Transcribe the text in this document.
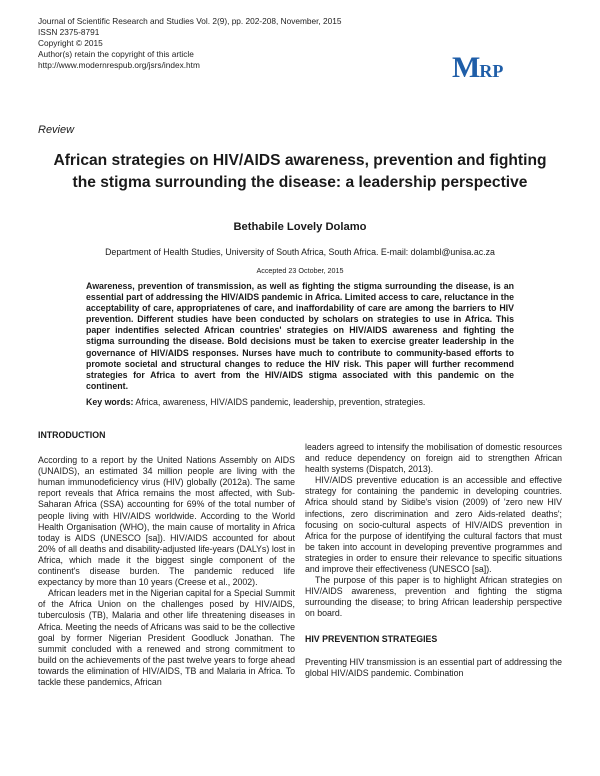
Journal of Scientific Research and Studies Vol. 2(9), pp. 202-208, November, 2015
ISSN 2375-8791
Copyright © 2015
Author(s) retain the copyright of this article
http://www.modernrespub.org/jsrs/index.htm	MRP
Review
African strategies on HIV/AIDS awareness, prevention and fighting the stigma surrounding the disease: a leadership perspective
Bethabile Lovely Dolamo
Department of Health Studies, University of South Africa, South Africa. E-mail: dolambl@unisa.ac.za
Accepted 23 October, 2015
Awareness, prevention of transmission, as well as fighting the stigma surrounding the disease, is an essential part of addressing the HIV/AIDS pandemic in Africa. Limited access to care, reluctance in the acceptability of care, appropriatenes of care, and inaffordability of care are among the barriers to HIV prevention. Different studies have been conducted by scholars on strategies to use in Africa. This paper indentifies selected African countries' strategies on HIV/AIDS awareness and fighting the stigma surrounding the disease. Bold decisions must be taken to exercise greater leadership in the governance of HIV/AIDS responses. Nurses have much to contribute to community-based efforts to promote societal and structural changes to reduce the HIV risk. This paper will further recommend strategies for Africa to avert from the HIV/AIDS stigma associated with this pandemic on the continent.
Key words: Africa, awareness, HIV/AIDS pandemic, leadership, prevention, strategies.
INTRODUCTION

According to a report by the United Nations Assembly on AIDS (UNAIDS), an estimated 34 million people are living with the human immunodeficiency virus (HIV) globally (2012a). The same report reveals that Africa remains the most affected, with Sub-Saharan Africa (SSA) accounting for 69% of the total number of people living with HIV/AIDS worldwide. According to the World Health Organisation (WHO), the main cause of mortality in Africa today is AIDS (UNESCO [sa]). HIV/AIDS accounted for about 20% of all deaths and disability-adjusted life-years (DALYs) lost in Africa, which made it the biggest single component of the continent's disease burden. The pandemic reduced life expectancy by more than 10 years (Creese et al., 2002).

African leaders met in the Nigerian capital for a Special Summit of the Africa Union on the challenges posed by HIV/AIDS, tuberculosis (TB), Malaria and other life threatening diseases in Africa. Meeting the needs of Africans was said to be the collective goal by former Nigerian President Goodluck Jonathan. The summit concluded with a renewed and strong commitment to build on the achievements of the past twelve years to forge ahead towards the elimination of HIV/AIDS, TB and Malaria in Africa. To tackle these pandemics, African

leaders agreed to intensify the mobilisation of domestic resources and reduce dependency on foreign aid to strengthen African health systems (Dispatch, 2013).

HIV/AIDS preventive education is an accessible and effective strategy for containing the pandemic in developing countries. Africa should stand by Sidibe's vision (2009) of 'zero new HIV infections, zero discrimination and zero Aids-related deaths'; focusing on socio-cultural aspects of HIV/AIDS prevention in Africa for the purpose of identifying the cultural factors that must be taken into account in developing preventive programmes and strategies in order to ensure their relevance to specific situations and improve their effectiveness (UNESCO [sa]).

The purpose of this paper is to highlight African strategies on HIV/AIDS awareness, prevention and fighting the stigma surrounding the disease; to bring African leadership perspective on board.

HIV PREVENTION STRATEGIES

Preventing HIV transmission is an essential part of addressing the global HIV/AIDS pandemic. Combination
